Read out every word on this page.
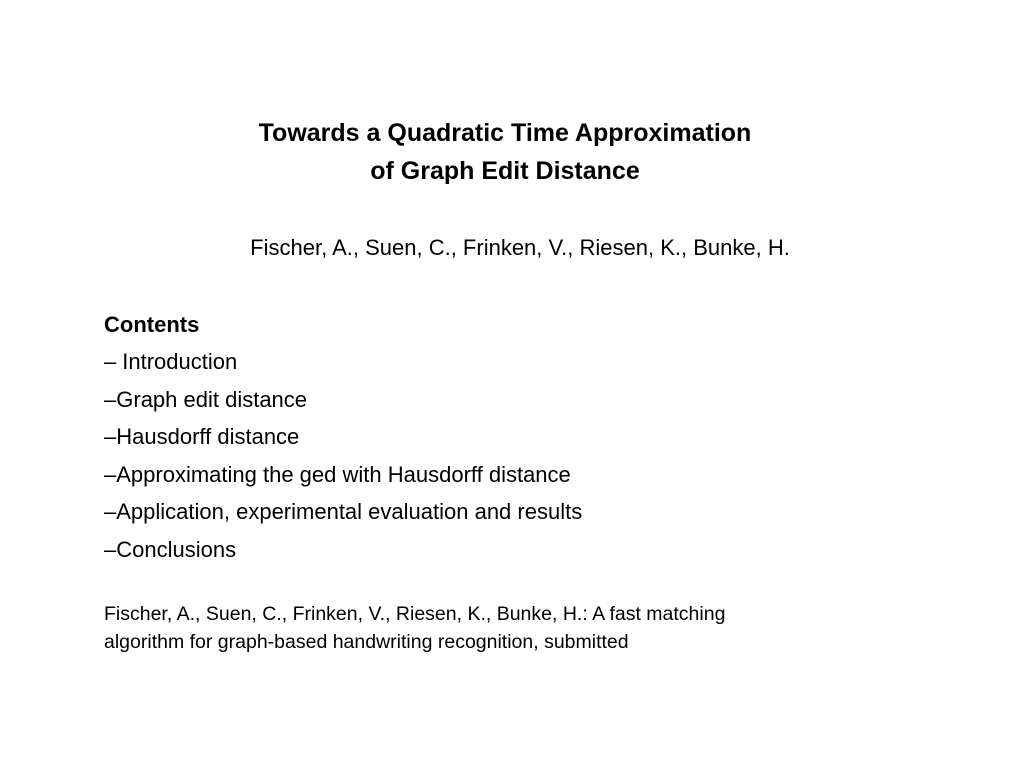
Towards a Quadratic Time Approximation
of Graph Edit Distance
Fischer, A., Suen, C., Frinken, V., Riesen, K., Bunke, H.
Contents
– Introduction
–Graph edit distance
–Hausdorff distance
–Approximating the ged with Hausdorff distance
–Application, experimental evaluation and results
–Conclusions
Fischer, A., Suen, C., Frinken, V., Riesen, K., Bunke, H.: A fast matching
algorithm for graph-based handwriting recognition, submitted
